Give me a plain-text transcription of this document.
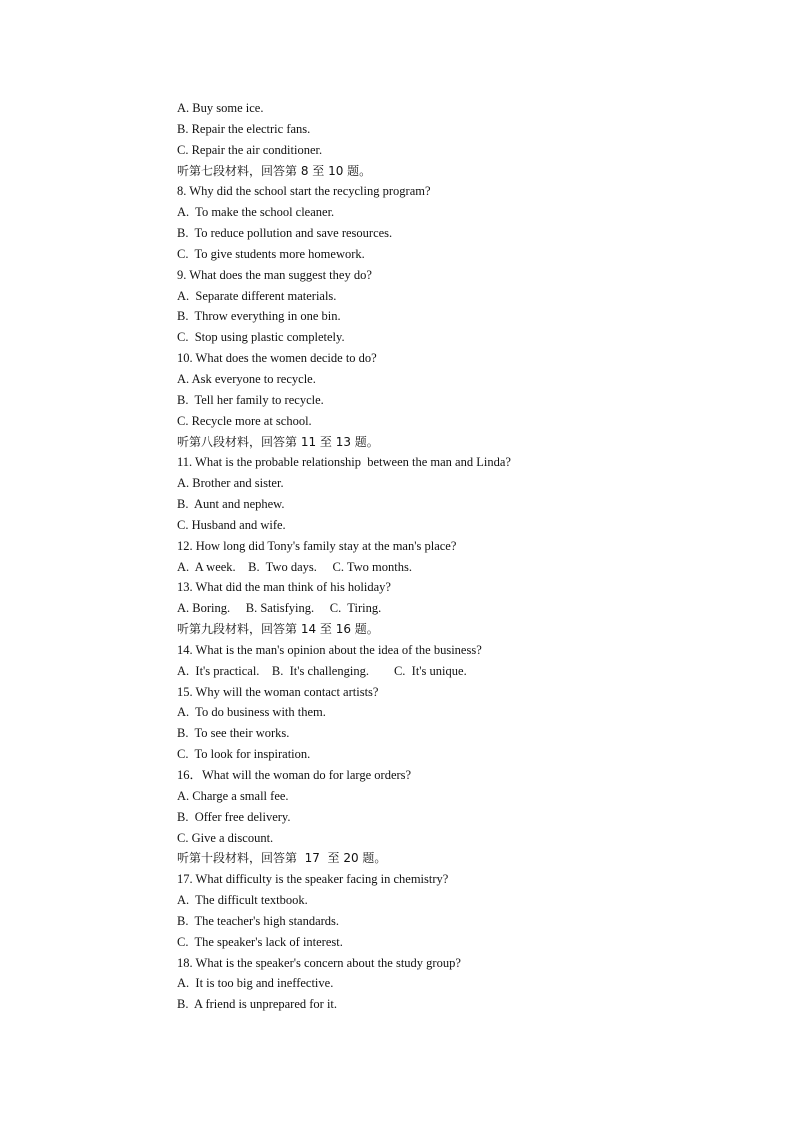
A. Buy some ice.
B. Repair the electric fans.
C. Repair the air conditioner.
听第七段材料，回答第 8 至 10 题。
8. Why did the school start the recycling program?
A.  To make the school cleaner.
B.  To reduce pollution and save resources.
C.  To give students more homework.
9. What does the man suggest they do?
A.  Separate different materials.
B.  Throw everything in one bin.
C.  Stop using plastic completely.
10. What does the women decide to do?
A. Ask everyone to recycle.
B.  Tell her family to recycle.
C. Recycle more at school.
听第八段材料，回答第 11 至 13 题。
11. What is the probable relationship  between the man and Linda?
A. Brother and sister.
B.  Aunt and nephew.
C. Husband and wife.
12. How long did Tony's family stay at the man's place?
A.  A week.    B.  Two days.     C. Two months.
13. What did the man think of his holiday?
A. Boring.     B. Satisfying.     C.  Tiring.
听第九段材料，回答第 14 至 16 题。
14. What is the man's opinion about the idea of the business?
A.  It's practical.    B.  It's challenging.        C.  It's unique.
15. Why will the woman contact artists?
A.  To do business with them.
B.  To see their works.
C.  To look for inspiration.
16．What will the woman do for large orders?
A. Charge a small fee.
B.  Offer free delivery.
C. Give a discount.
听第十段材料，回答第  17  至 20 题。
17. What difficulty is the speaker facing in chemistry?
A.  The difficult textbook.
B.  The teacher's high standards.
C.  The speaker's lack of interest.
18. What is the speaker's concern about the study group?
A.  It is too big and ineffective.
B.  A friend is unprepared for it.
